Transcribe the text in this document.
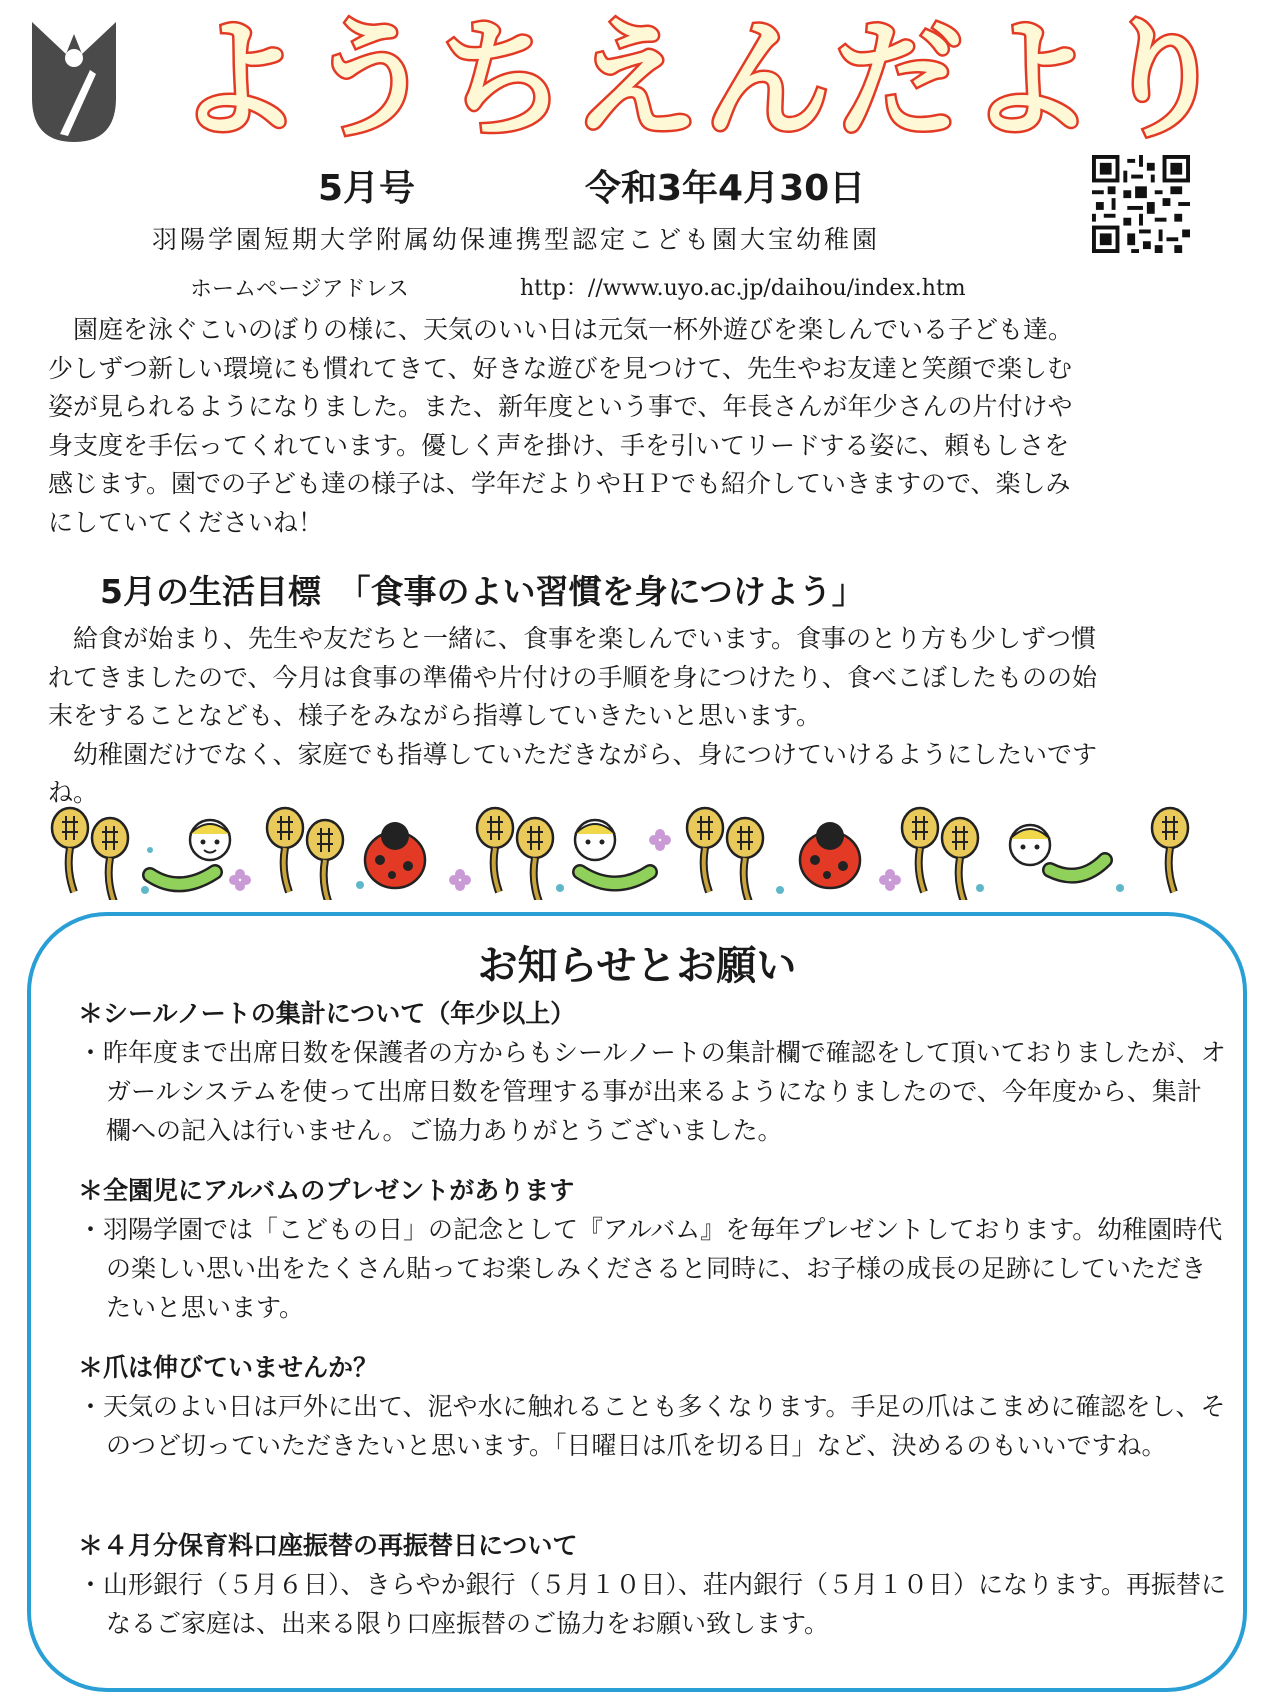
ようちえんだより
5月号	令和3年4月30日
羽陽学園短期大学附属幼保連携型認定こども園大宝幼稚園
ホームページアドレス	http：//www.uyo.ac.jp/daihou/index.htm
園庭を泳ぐこいのぼりの様に、天気のいい日は元気一杯外遊びを楽しんでいる子ども達。
少しずつ新しい環境にも慣れてきて、好きな遊びを見つけて、先生やお友達と笑顔で楽しむ
姿が見られるようになりました。また、新年度という事で、年長さんが年少さんの片付けや
身支度を手伝ってくれています。優しく声を掛け、手を引いてリードする姿に、頼もしさを
感じます。園での子ども達の様子は、学年だよりやＨＰでも紹介していきますので、楽しみ
にしていてくださいね！
5月の生活目標　「食事のよい習慣を身につけよう」
　給食が始まり、先生や友だちと一緒に、食事を楽しんでいます。食事のとり方も少しずつ慣
れてきましたので、今月は食事の準備や片付けの手順を身につけたり、食べこぼしたものの始
末をすることなども、様子をみながら指導していきたいと思います。
　幼稚園だけでなく、家庭でも指導していただきながら、身につけていけるようにしたいです
ね。
お知らせとお願い
＊シールノートの集計について（年少以上）
・昨年度まで出席日数を保護者の方からもシールノートの集計欄で確認をして頂いておりましたが、オガールシステムを使って出席日数を管理する事が出来るようになりましたので、今年度から、集計欄への記入は行いません。ご協力ありがとうございました。
＊全園児にアルバムのプレゼントがあります
・羽陽学園では「こどもの日」の記念として『アルバム』を毎年プレゼントしております。幼稚園時代の楽しい思い出をたくさん貼ってお楽しみくださると同時に、お子様の成長の足跡にしていただきたいと思います。
＊爪は伸びていませんか？
・天気のよい日は戸外に出て、泥や水に触れることも多くなります。手足の爪はこまめに確認をし、そのつど切っていただきたいと思います。「日曜日は爪を切る日」など、決めるのもいいですね。
＊４月分保育料口座振替の再振替日について
・山形銀行（５月６日）、きらやか銀行（５月１０日）、荘内銀行（５月１０日）になります。再振替になるご家庭は、出来る限り口座振替のご協力をお願い致します。
